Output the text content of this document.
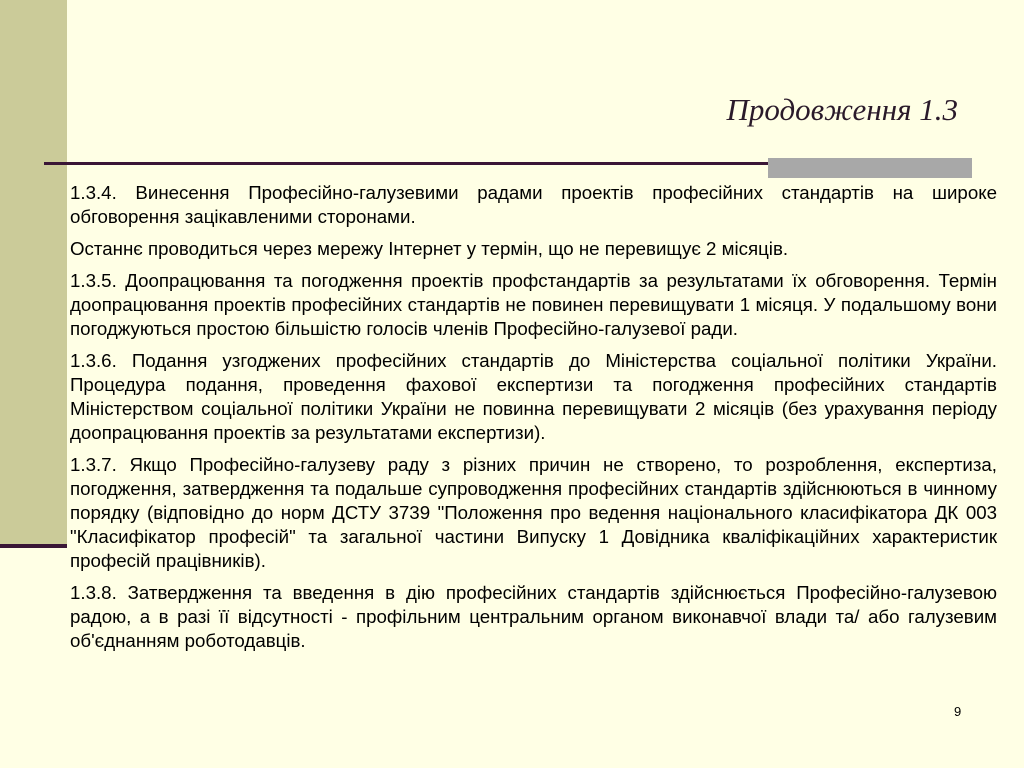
Продовження 1.3

1.3.4. Винесення Професійно-галузевими радами проектів професійних стандартів на широке обговорення зацікавленими сторонами.

Останнє проводиться через мережу Інтернет у термін, що не перевищує 2 місяців.

1.3.5. Доопрацювання та погодження проектів профстандартів за результатами їх обговорення. Термін доопрацювання проектів професійних стандартів не повинен перевищувати 1 місяця. У подальшому вони погоджуються простою більшістю голосів членів Професійно-галузевої ради.

1.3.6. Подання узгоджених професійних стандартів до Міністерства соціальної політики України. Процедура подання, проведення фахової експертизи та погодження професійних стандартів Міністерством соціальної політики України не повинна перевищувати 2 місяців (без урахування періоду доопрацювання проектів за результатами експертизи).

1.3.7. Якщо Професійно-галузеву раду з різних причин не створено, то розроблення, експертиза, погодження, затвердження та подальше супроводження професійних стандартів здійснюються в чинному порядку (відповідно до норм ДСТУ 3739 "Положення про ведення національного класифікатора ДК 003 "Класифікатор професій" та загальної частини Випуску 1 Довідника кваліфікаційних характеристик професій працівників).

1.3.8. Затвердження та введення в дію професійних стандартів здійснюється Професійно-галузевою радою, а в разі її відсутності - профільним центральним органом виконавчої влади та/ або галузевим об'єднанням роботодавців.

9
